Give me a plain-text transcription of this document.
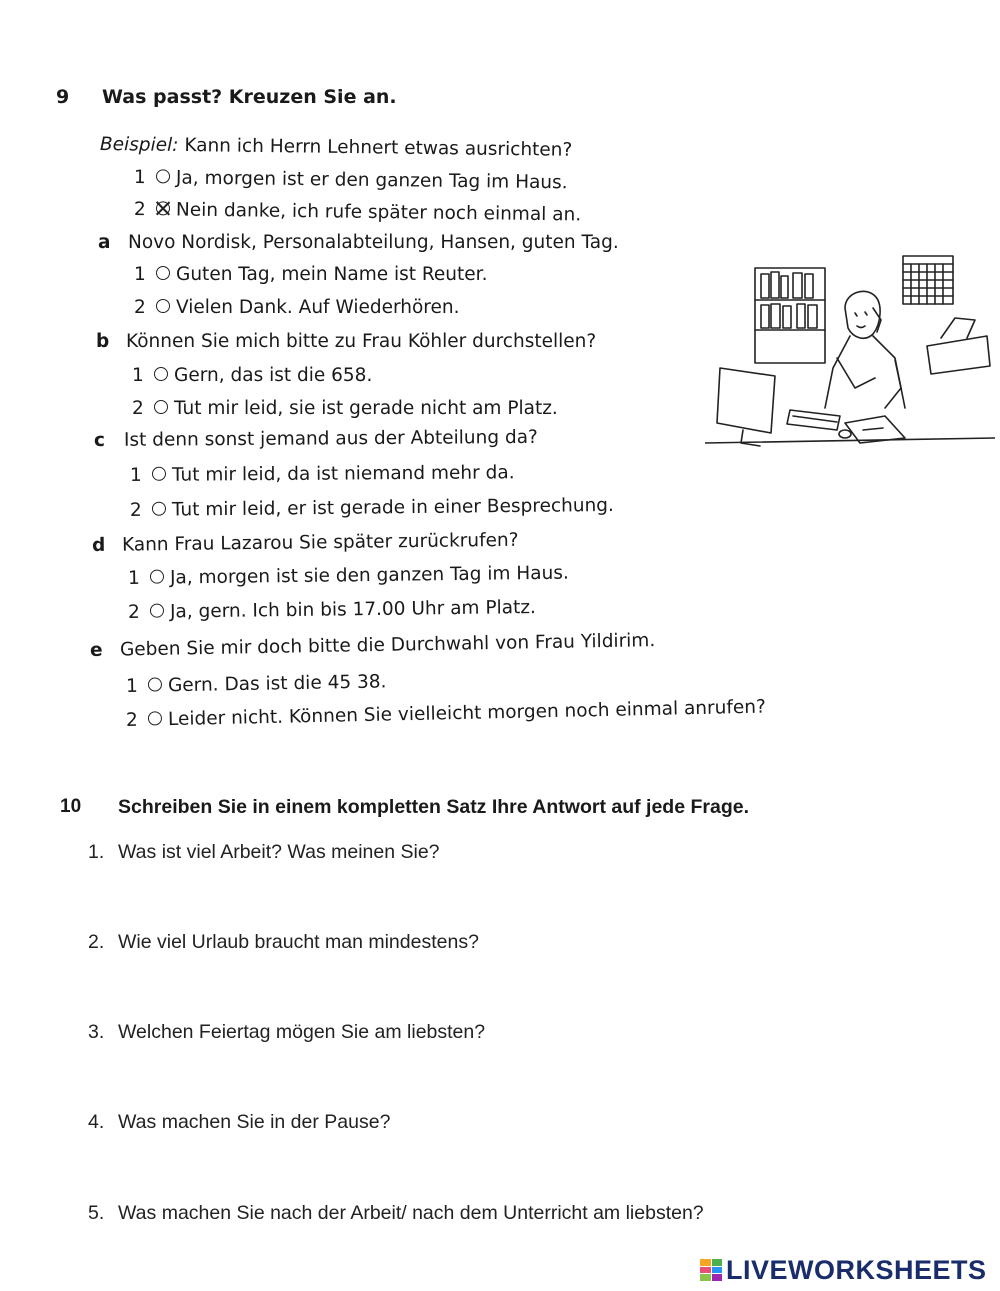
9 Was passt? Kreuzen Sie an.
Beispiel: Kann ich Herrn Lehnert etwas ausrichten?
1 Ja, morgen ist er den ganzen Tag im Haus.
2 Nein danke, ich rufe später noch einmal an.
a Novo Nordisk, Personalabteilung, Hansen, guten Tag.
1 Guten Tag, mein Name ist Reuter.
2 Vielen Dank. Auf Wiederhören.
b Können Sie mich bitte zu Frau Köhler durchstellen?
1 Gern, das ist die 658.
2 Tut mir leid, sie ist gerade nicht am Platz.
c Ist denn sonst jemand aus der Abteilung da?
1 Tut mir leid, da ist niemand mehr da.
2 Tut mir leid, er ist gerade in einer Besprechung.
d Kann Frau Lazarou Sie später zurückrufen?
1 Ja, morgen ist sie den ganzen Tag im Haus.
2 Ja, gern. Ich bin bis 17.00 Uhr am Platz.
e Geben Sie mir doch bitte die Durchwahl von Frau Yildirim.
1 Gern. Das ist die 45 38.
2 Leider nicht. Können Sie vielleicht morgen noch einmal anrufen?
10 Schreiben Sie in einem kompletten Satz Ihre Antwort auf jede Frage.
1. Was ist viel Arbeit? Was meinen Sie?
2. Wie viel Urlaub braucht man mindestens?
3. Welchen Feiertag mögen Sie am liebsten?
4. Was machen Sie in der Pause?
5. Was machen Sie nach der Arbeit/ nach dem Unterricht am liebsten?
LIVEWORKSHEETS
